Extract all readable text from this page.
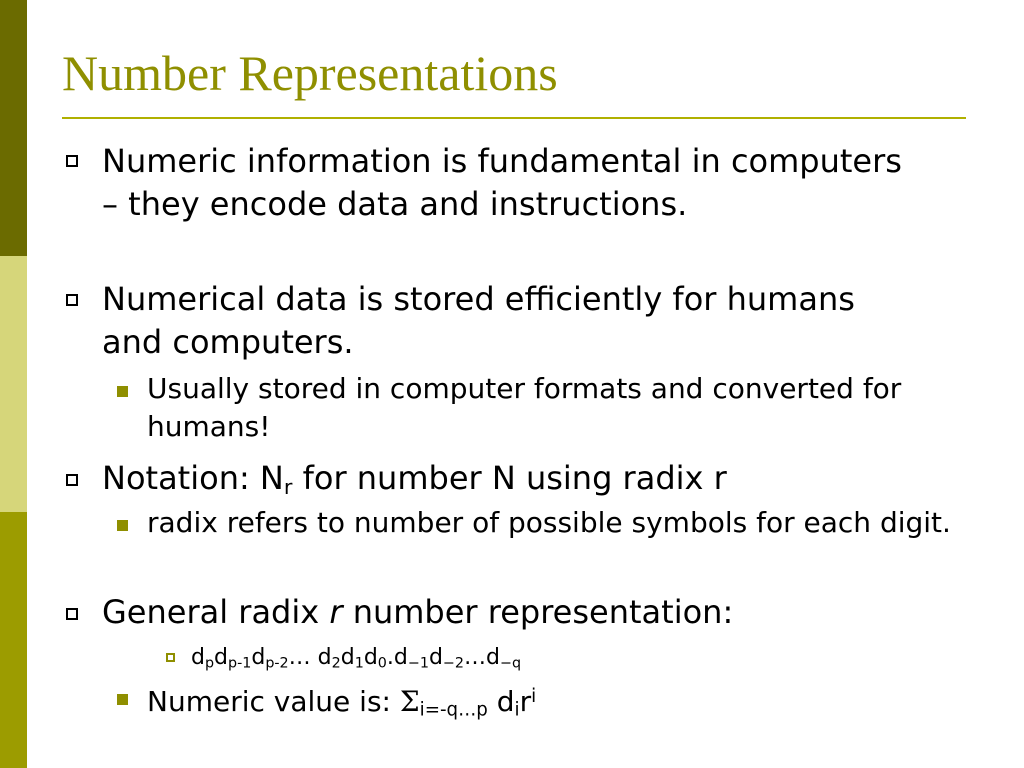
Number Representations
Numeric information is fundamental in computers – they encode data and instructions.
Numerical data is stored efficiently for humans and computers.
Usually stored in computer formats and converted for humans!
Notation: $N_r$ for number N using radix r
radix refers to number of possible symbols for each digit.
General radix r number representation:
$d_pd_{p-1}d_{p-2}\dots$ $d_2d_1d_0.d_{-1}d_{-2}\dots d_{-q}$
Numeric value is: $\Sigma_{i=-q\dots p}$ $d_ir^i$
